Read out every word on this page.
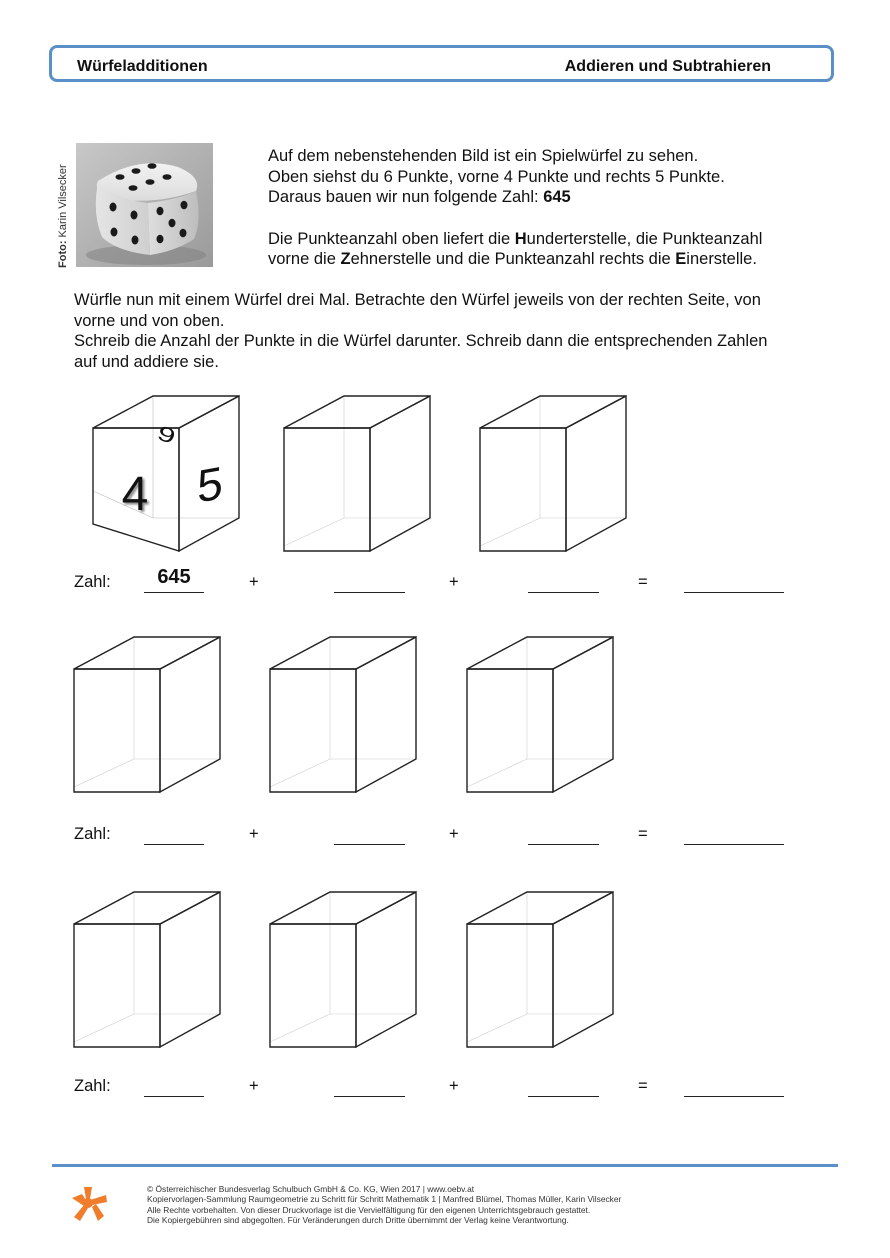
Würfeladditionen	Addieren und Subtrahieren
Foto: Karin Vilsecker

Auf dem nebenstehenden Bild ist ein Spielwürfel zu sehen.

Oben siehst du 6 Punkte, vorne 4 Punkte und rechts 5 Punkte.

Daraus bauen wir nun folgende Zahl: 645

Die Punkteanzahl oben liefert die Hunderterstelle, die Punkteanzahl

vorne die Zehnerstelle und die Punkteanzahl rechts die Einerstelle.

Würfle nun mit einem Würfel drei Mal. Betrachte den Würfel jeweils von der rechten Seite, von

vorne und von oben.

Schreib die Anzahl der Punkte in die Würfel darunter. Schreib dann die entsprechenden Zahlen

auf und addiere sie.

6
4 5
Zahl:	645	+	+	=
Zahl:	+	+	=
Zahl:	+	+	=
© Österreichischer Bundesverlag Schulbuch GmbH & Co. KG, Wien 2017 | www.oebv.at
Kopiervorlagen-Sammlung Raumgeometrie zu Schritt für Schritt Mathematik 1 | Manfred Blümel, Thomas Müller, Karin Vilsecker
Alle Rechte vorbehalten. Von dieser Druckvorlage ist die Vervielfältigung für den eigenen Unterrichtsgebrauch gestattet.
Die Kopiergebühren sind abgegolten. Für Veränderungen durch Dritte übernimmt der Verlag keine Verantwortung.
